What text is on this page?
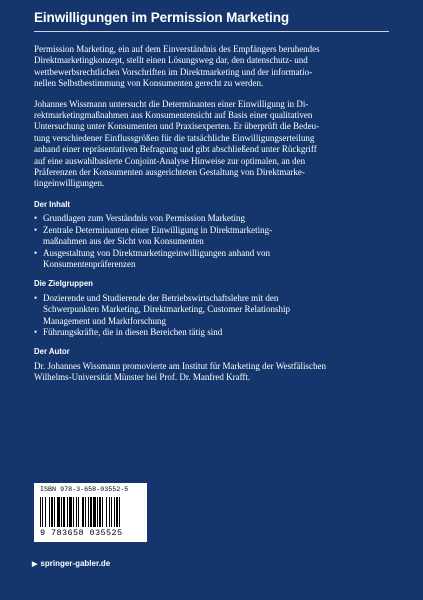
Einwilligungen im Permission Marketing
Permission Marketing, ein auf dem Einverständnis des Empfängers beruhendes
Direktmarketingkonzept, stellt einen Lösungsweg dar, den datenschutz- und
wettbewerbsrechtlichen Vorschriften im Direktmarketing und der informatio-
nellen Selbstbestimmung von Konsumenten gerecht zu werden.
Johannes Wissmann untersucht die Determinanten einer Einwilligung in Di-
rektmarketingmaßnahmen aus Konsumentensicht auf Basis einer qualitativen
Untersuchung unter Konsumenten und Praxisexperten. Er überprüft die Bedeu-
tung verschiedener Einflussgrößen für die tatsächliche Einwilligungserteilung
anhand einer repräsentativen Befragung und gibt abschließend unter Rückgriff
auf eine auswahlbasierte Conjoint-Analyse Hinweise zur optimalen, an den
Präferenzen der Konsumenten ausgerichteten Gestaltung von Direktmarke-
tingeinwilligungen.
Der Inhalt
• Grundlagen zum Verständnis von Permission Marketing
• Zentrale Determinanten einer Einwilligung in Direktmarketing-
maßnahmen aus der Sicht von Konsumenten
• Ausgestaltung von Direktmarketingeinwilligungen anhand von
Konsumentenpräferenzen
Die Zielgruppen
• Dozierende und Studierende der Betriebswirtschaftslehre mit den
Schwerpunkten Marketing, Direktmarketing, Customer Relationship
Management und Marktforschung
• Führungskräfte, die in diesen Bereichen tätig sind
Der Autor
Dr. Johannes Wissmann promovierte am Institut für Marketing der Westfälischen
Wilhelms-Universität Münster bei Prof. Dr. Manfred Krafft.
ISBN 978-3-658-03552-5
9 783658 035525
▶ springer-gabler.de
